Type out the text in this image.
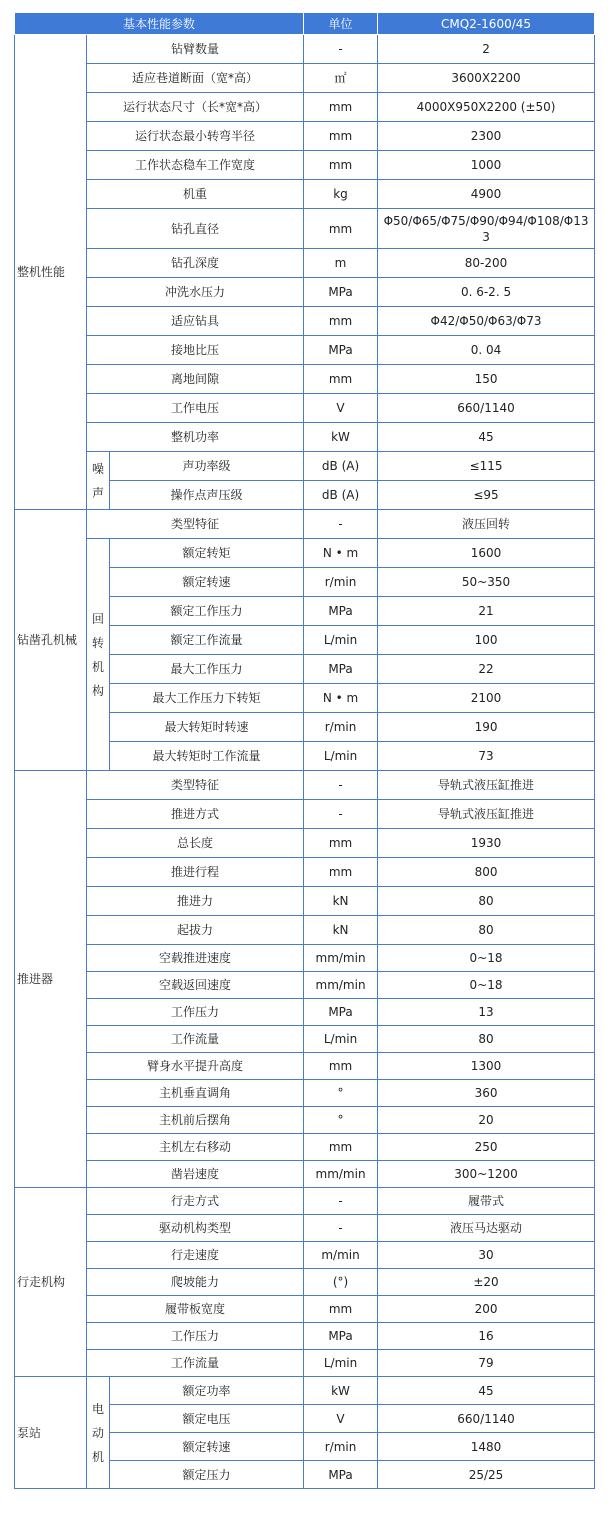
基本性能参数			单位	CMQ2-1600/45
整机性能	钻臂数量		-	2
	适应巷道断面（宽*高）		㎡	3600X2200
	运行状态尺寸（长*宽*高）		mm	4000X950X2200 (±50)
	运行状态最小转弯半径		mm	2300
	工作状态稳车工作宽度		mm	1000
	机重		kg	4900
	钻孔直径		mm	Φ50/Φ65/Φ75/Φ90/Φ94/Φ108/Φ133
	钻孔深度		m	80-200
	冲洗水压力		MPa	0. 6-2. 5
	适应钻具		mm	Φ42/Φ50/Φ63/Φ73
	接地比压		MPa	0. 04
	离地间隙		mm	150
	工作电压		V	660/1140
	整机功率		kW	45
	噪声	声功率级	dB (A)	≤115
		操作点声压级	dB (A)	≤95
钻凿孔机械	类型特征		-	液压回转
	回转机构	额定转矩	N • m	1600
		额定转速	r/min	50~350
		额定工作压力	MPa	21
		额定工作流量	L/min	100
		最大工作压力	MPa	22
		最大工作压力下转矩	N • m	2100
		最大转矩时转速	r/min	190
		最大转矩时工作流量	L/min	73
推进器	类型特征		-	导轨式液压缸推进
	推进方式		-	导轨式液压缸推进
	总长度		mm	1930
	推进行程		mm	800
	推进力		kN	80
	起拔力		kN	80
	空载推进速度		mm/min	0~18
	空载返回速度		mm/min	0~18
	工作压力		MPa	13
	工作流量		L/min	80
	臂身水平提升高度		mm	1300
	主机垂直调角		°	360
	主机前后摆角		°	20
	主机左右移动		mm	250
	凿岩速度		mm/min	300~1200
行走机构	行走方式		-	履带式
	驱动机构类型		-	液压马达驱动
	行走速度		m/min	30
	爬坡能力		(°)	±20
	履带板宽度		mm	200
	工作压力		MPa	16
	工作流量		L/min	79
泵站	电动机	额定功率	kW	45
		额定电压	V	660/1140
		额定转速	r/min	1480
		额定压力	MPa	25/25
